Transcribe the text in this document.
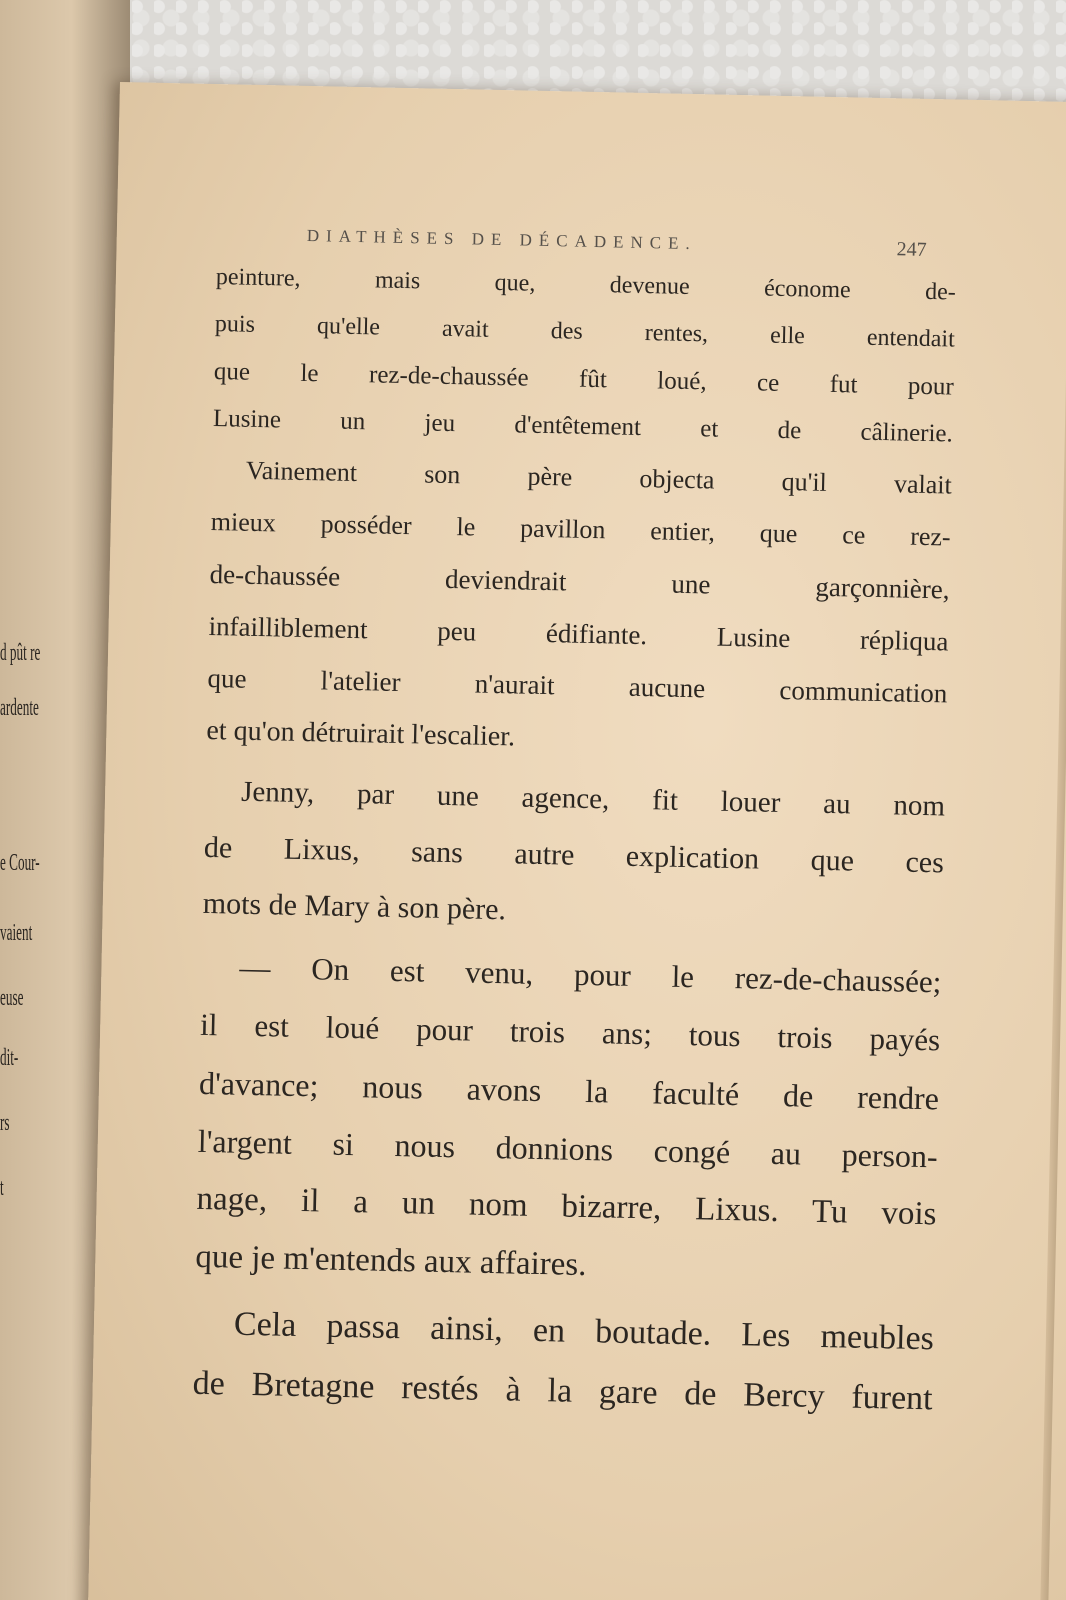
d pût re
ardente
e Cour-
vaient
euse
dit-
rs
t
DIATHÈSES DE DÉCADENCE.	247
peinture, mais que, devenue économe de-
puis qu'elle avait des rentes, elle entendait
que le rez-de-chaussée fût loué, ce fut pour
Lusine un jeu d'entêtement et de câlinerie.
Vainement son père objecta qu'il valait
mieux posséder le pavillon entier, que ce rez-
de-chaussée deviendrait une garçonnière,
infailliblement peu édifiante. Lusine répliqua
que l'atelier n'aurait aucune communication
et qu'on détruirait l'escalier.
Jenny, par une agence, fit louer au nom
de Lixus, sans autre explication que ces
mots de Mary à son père.
— On est venu, pour le rez-de-chaussée;
il est loué pour trois ans; tous trois payés
d'avance; nous avons la faculté de rendre
l'argent si nous donnions congé au person-
nage, il a un nom bizarre, Lixus. Tu vois
que je m'entends aux affaires.
Cela passa ainsi, en boutade. Les meubles
de Bretagne restés à la gare de Bercy furent
